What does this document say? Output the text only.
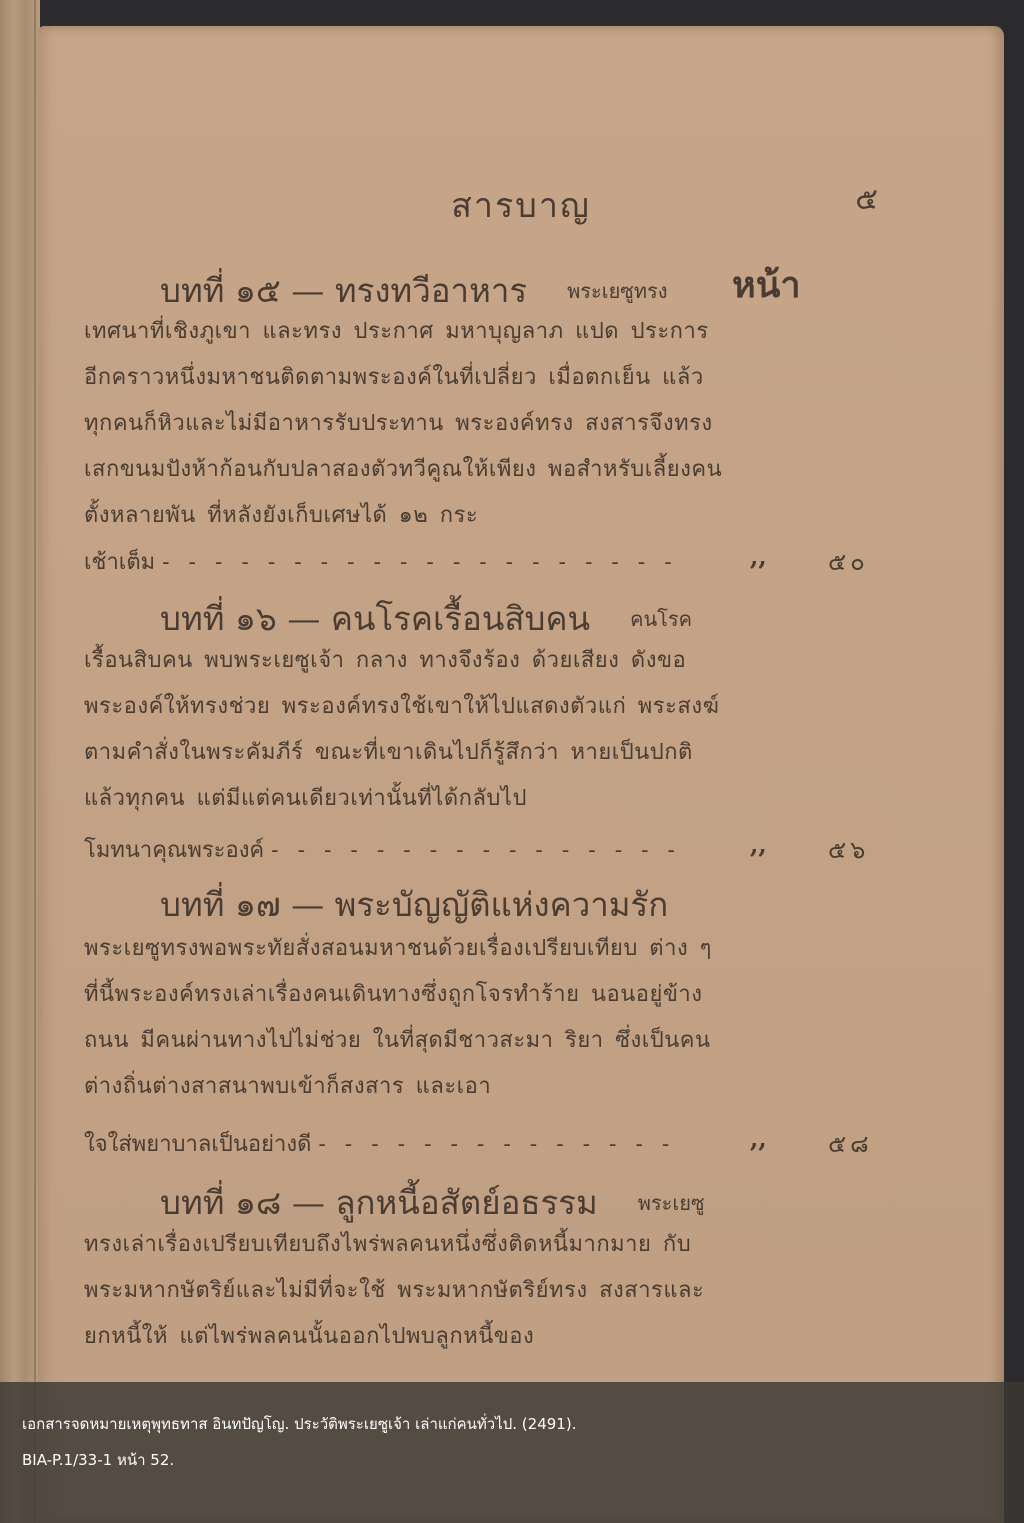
สารบาญ	๕
หน้า
บทที่ ๑๕ — ทรงทวีอาหาร พระเยซูทรง
เทศนาที่เชิงภูเขา และทรง ประกาศ มหาบุญลาภ แปด ประการ อีกคราวหนึ่งมหาชนติดตามพระองค์ในที่เปลี่ยว เมื่อตกเย็น แล้วทุกคนก็หิวและไม่มีอาหารรับประทาน พระองค์ทรง สงสารจึงทรงเสกขนมปังห้าก้อนกับปลาสองตัวทวีคูณให้เพียง พอสำหรับเลี้ยงคนตั้งหลายพัน ที่หลังยังเก็บเศษได้ ๑๒ กระ
เช้าเต็ม - - - - - - - - - - - - - - - - - - - -	,,	๕๐
บทที่ ๑๖ — คนโรคเรื้อนสิบคน คนโรค
เรื้อนสิบคน พบพระเยซูเจ้า กลาง ทางจึงร้อง ด้วยเสียง ดังขอ พระองค์ให้ทรงช่วย พระองค์ทรงใช้เขาให้ไปแสดงตัวแก่ พระสงฆ์ตามคำสั่งในพระคัมภีร์ ขณะที่เขาเดินไปก็รู้สึกว่า หายเป็นปกติแล้วทุกคน แต่มีแต่คนเดียวเท่านั้นที่ได้กลับไป
โมทนาคุณพระองค์ - - - - - - - - - - - - - - - -	,,	๕๖
บทที่ ๑๗ — พระบัญญัติแห่งความรัก
พระเยซูทรงพอพระทัยสั่งสอนมหาชนด้วยเรื่องเปรียบเทียบ ต่าง ๆ ที่นี้พระองค์ทรงเล่าเรื่องคนเดินทางซึ่งถูกโจรทำร้าย นอนอยู่ข้างถนน มีคนผ่านทางไปไม่ช่วย ในที่สุดมีชาวสะมา ริยา ซึ่งเป็นคนต่างถิ่นต่างสาสนาพบเข้าก็สงสาร และเอา
ใจใส่พยาบาลเป็นอย่างดี - - - - - - - - - - - - - -	,,	๕๘
บทที่ ๑๘ — ลูกหนี้อสัตย์อธรรม พระเยซู
ทรงเล่าเรื่องเปรียบเทียบถึงไพร่พลคนหนึ่งซึ่งติดหนี้มากมาย กับพระมหากษัตริย์และไม่มีที่จะใช้ พระมหากษัตริย์ทรง สงสารและยกหนี้ให้ แต่ไพร่พลคนนั้นออกไปพบลูกหนี้ของ
เอกสารจดหมายเหตุพุทธทาส อินทปัญโญ. ประวัติพระเยซูเจ้า เล่าแก่คนทั่วไป. (2491).
BIA-P.1/33-1 หน้า 52.
